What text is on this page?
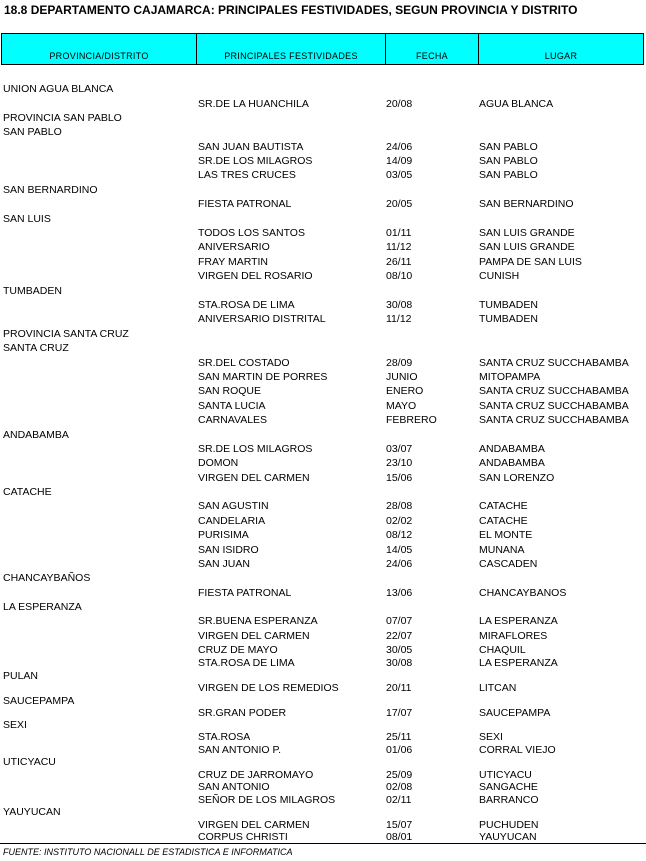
18.8 DEPARTAMENTO CAJAMARCA: PRINCIPALES FESTIVIDADES, SEGUN PROVINCIA Y DISTRITO
PROVINCIA/DISTRITO	PRINCIPALES FESTIVIDADES	FECHA	LUGAR
UNION AGUA BLANCA
SR.DE LA HUANCHILA	20/08	AGUA BLANCA
PROVINCIA SAN PABLO
SAN PABLO
SAN JUAN BAUTISTA	24/06	SAN PABLO
SR.DE LOS MILAGROS	14/09	SAN PABLO
LAS TRES CRUCES	03/05	SAN PABLO
SAN BERNARDINO
FIESTA PATRONAL	20/05	SAN BERNARDINO
SAN LUIS
TODOS LOS SANTOS	01/11	SAN LUIS GRANDE
ANIVERSARIO	11/12	SAN LUIS GRANDE
FRAY MARTIN	26/11	PAMPA DE SAN LUIS
VIRGEN DEL ROSARIO	08/10	CUNISH
TUMBADEN
STA.ROSA DE LIMA	30/08	TUMBADEN
ANIVERSARIO DISTRITAL	11/12	TUMBADEN
PROVINCIA SANTA CRUZ
SANTA CRUZ
SR.DEL COSTADO	28/09	SANTA CRUZ SUCCHABAMBA
SAN MARTIN DE PORRES	JUNIO	MITOPAMPA
SAN ROQUE	ENERO	SANTA CRUZ SUCCHABAMBA
SANTA LUCIA	MAYO	SANTA CRUZ SUCCHABAMBA
CARNAVALES	FEBRERO	SANTA CRUZ SUCCHABAMBA
ANDABAMBA
SR.DE LOS MILAGROS	03/07	ANDABAMBA
DOMON	23/10	ANDABAMBA
VIRGEN DEL CARMEN	15/06	SAN LORENZO
CATACHE
SAN AGUSTIN	28/08	CATACHE
CANDELARIA	02/02	CATACHE
PURISIMA	08/12	EL MONTE
SAN ISIDRO	14/05	MUNANA
SAN JUAN	24/06	CASCADEN
CHANCAYBAÑOS
FIESTA PATRONAL	13/06	CHANCAYBANOS
LA ESPERANZA
SR.BUENA ESPERANZA	07/07	LA ESPERANZA
VIRGEN DEL CARMEN	22/07	MIRAFLORES
CRUZ DE MAYO	30/05	CHAQUIL
STA.ROSA DE LIMA	30/08	LA ESPERANZA
PULAN
VIRGEN DE LOS REMEDIOS	20/11	LITCAN
SAUCEPAMPA
SR.GRAN PODER	17/07	SAUCEPAMPA
SEXI
STA.ROSA	25/11	SEXI
SAN ANTONIO P.	01/06	CORRAL VIEJO
UTICYACU
CRUZ DE JARROMAYO	25/09	UTICYACU
SAN ANTONIO	02/08	SANGACHE
SEÑOR DE LOS MILAGROS	02/11	BARRANCO
YAUYUCAN
VIRGEN DEL CARMEN	15/07	PUCHUDEN
CORPUS CHRISTI	08/01	YAUYUCAN
FUENTE: INSTITUTO NACIONALL DE ESTADISTICA E INFORMATICA
